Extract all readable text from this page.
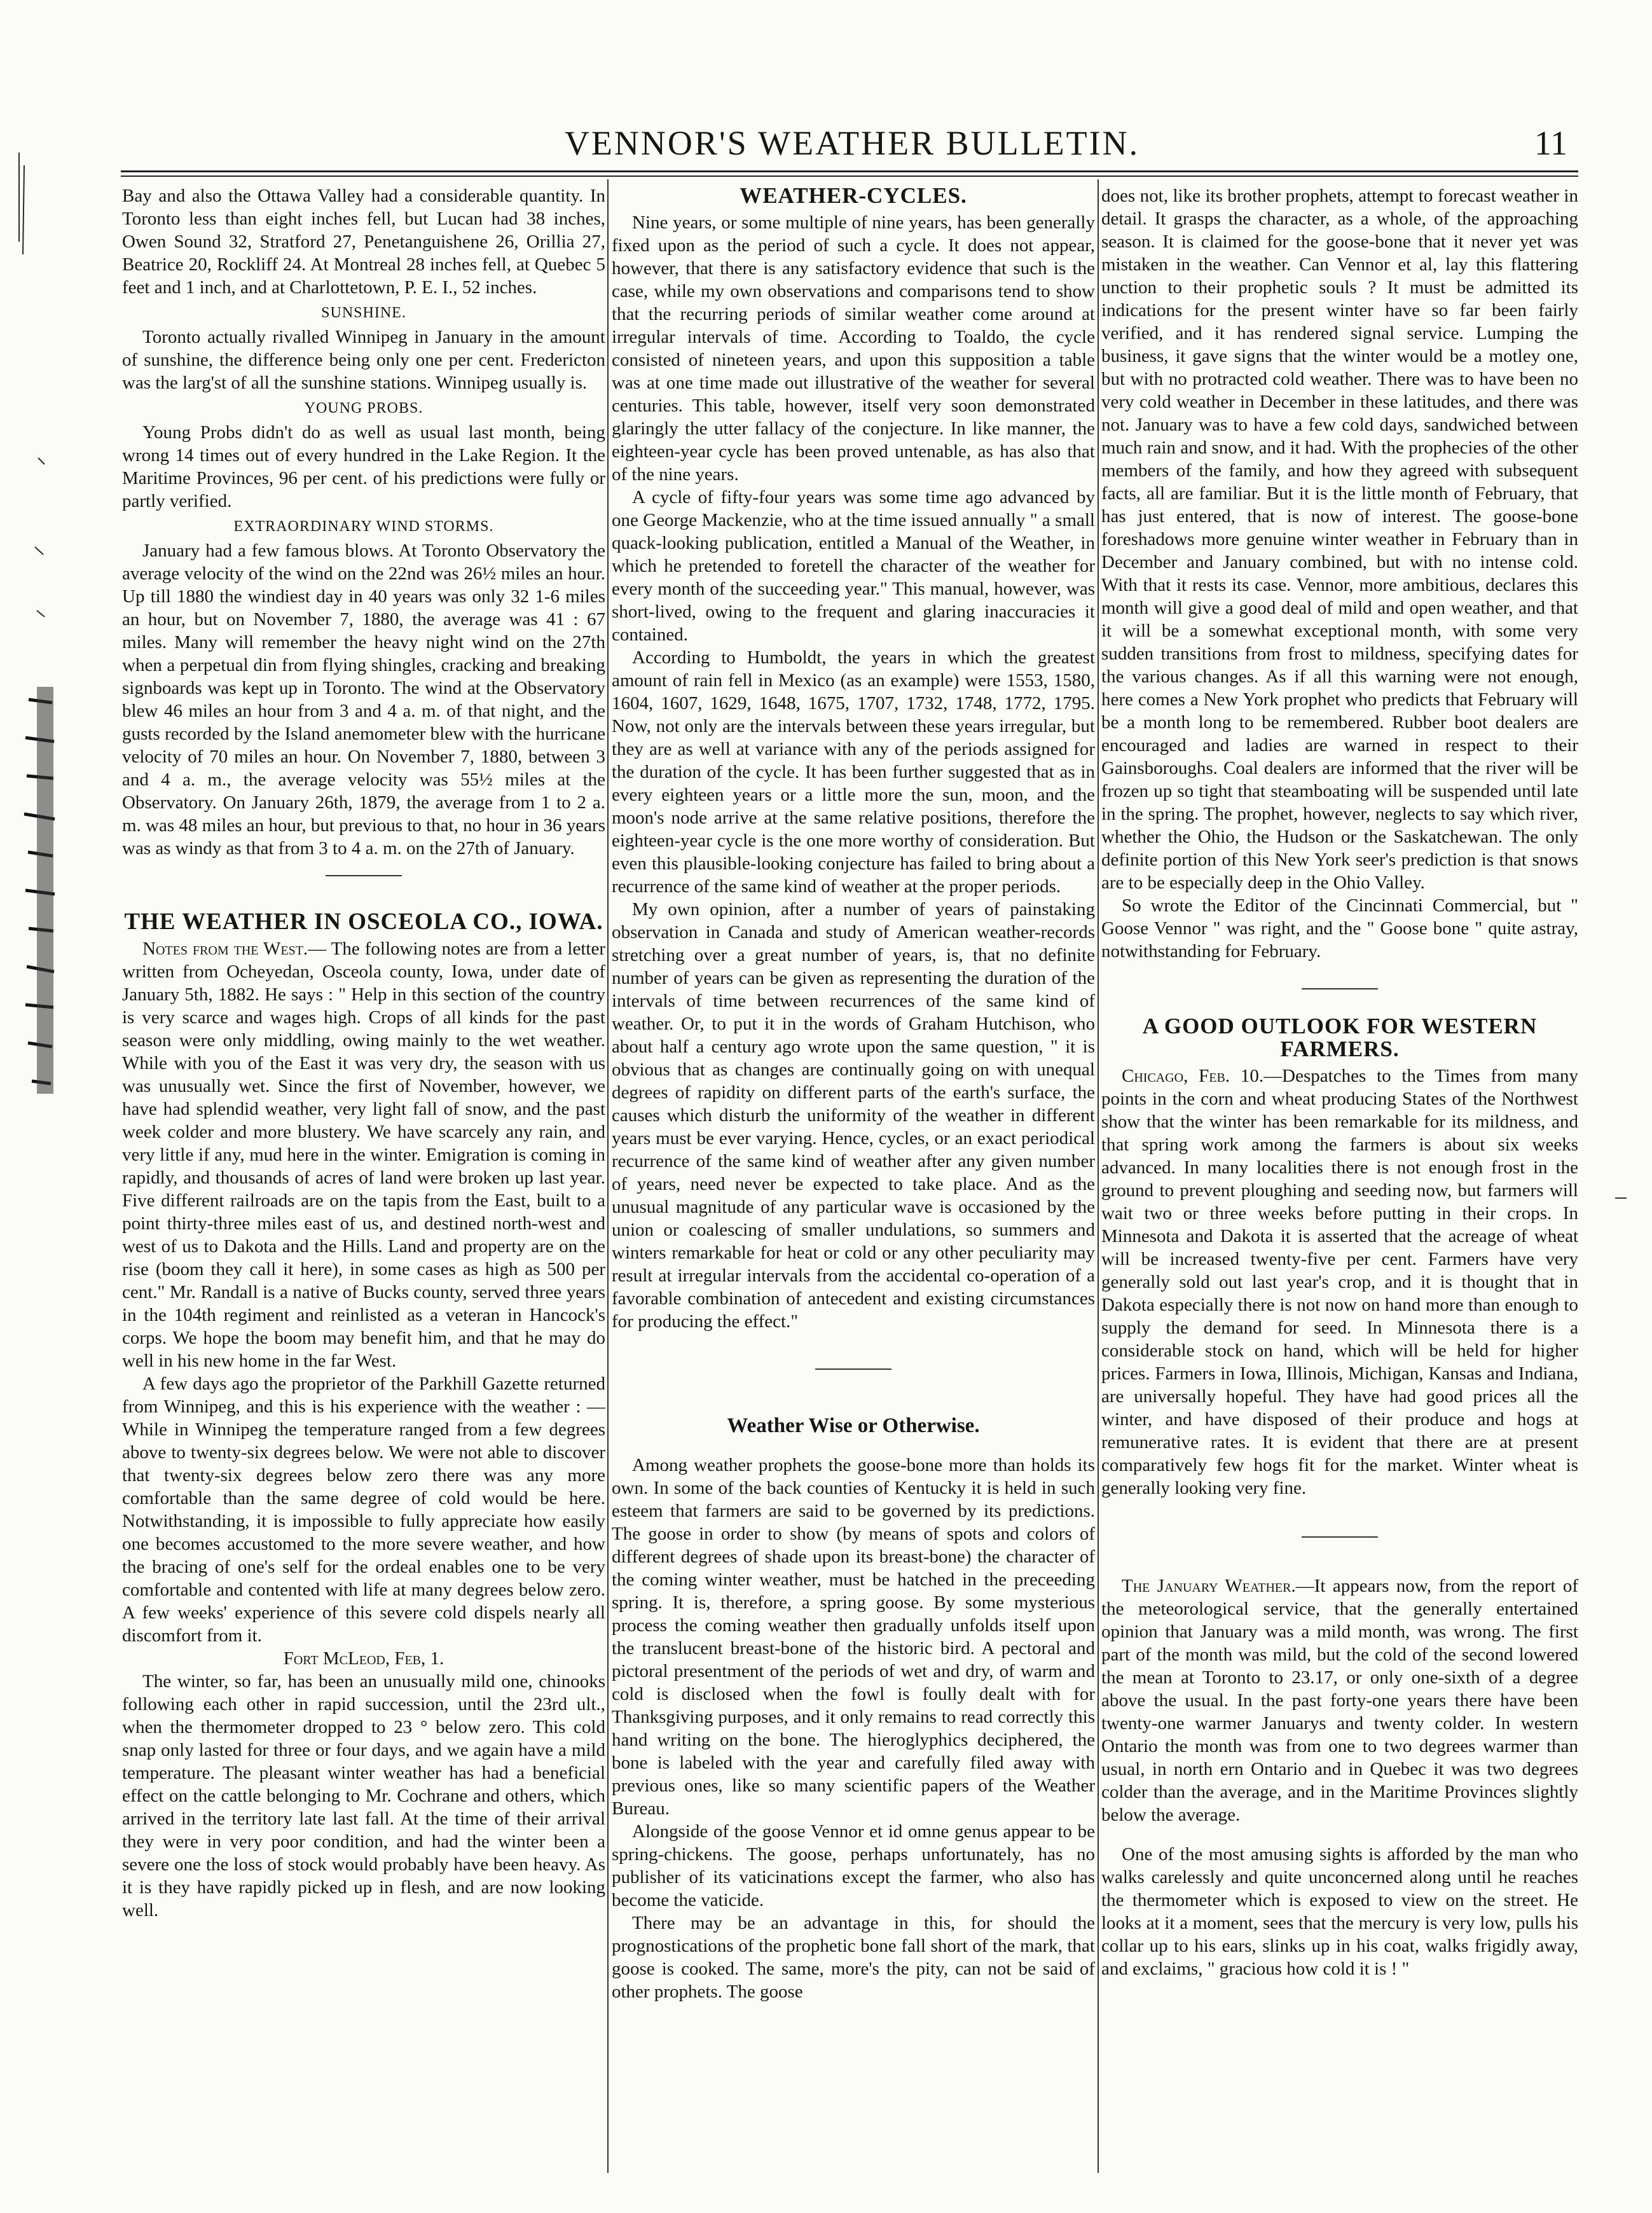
VENNOR'S WEATHER BULLETIN.	11

Bay and also the Ottawa Valley had a considerable quantity. In Toronto less than eight inches fell, but Lucan had 38 inches, Owen Sound 32, Stratford 27, Penetanguishene 26, Orillia 27, Beatrice 20, Rockliff 24. At Montreal 28 inches fell, at Quebec 5 feet and 1 inch, and at Charlottetown, P. E. I., 52 inches.

SUNSHINE.

Toronto actually rivalled Winnipeg in January in the amount of sunshine, the difference being only one per cent. Fredericton was the larg'st of all the sunshine stations. Winnipeg usually is.

YOUNG PROBS.

Young Probs didn't do as well as usual last month, being wrong 14 times out of every hundred in the Lake Region. It the Maritime Provinces, 96 per cent. of his predictions were fully or partly verified.

EXTRAORDINARY WIND STORMS.

January had a few famous blows. At Toronto Observatory the average velocity of the wind on the 22nd was 26½ miles an hour. Up till 1880 the windiest day in 40 years was only 32 1-6 miles an hour, but on November 7, 1880, the average was 41 : 67 miles. Many will remember the heavy night wind on the 27th when a perpetual din from flying shingles, cracking and breaking signboards was kept up in Toronto. The wind at the Observatory blew 46 miles an hour from 3 and 4 a. m. of that night, and the gusts recorded by the Island anemometer blew with the hurricane velocity of 70 miles an hour. On November 7, 1880, between 3 and 4 a. m., the average velocity was 55½ miles at the Observatory. On January 26th, 1879, the average from 1 to 2 a. m. was 48 miles an hour, but previous to that, no hour in 36 years was as windy as that from 3 to 4 a. m. on the 27th of January.

THE WEATHER IN OSCEOLA CO., IOWA.

Notes from the West.— The following notes are from a letter written from Ocheyedan, Osceola county, Iowa, under date of January 5th, 1882. He says : " Help in this section of the country is very scarce and wages high. Crops of all kinds for the past season were only middling, owing mainly to the wet weather. While with you of the East it was very dry, the season with us was unusually wet. Since the first of November, however, we have had splendid weather, very light fall of snow, and the past week colder and more blustery. We have scarcely any rain, and very little if any, mud here in the winter. Emigration is coming in rapidly, and thousands of acres of land were broken up last year. Five different railroads are on the tapis from the East, built to a point thirty-three miles east of us, and destined north-west and west of us to Dakota and the Hills. Land and property are on the rise (boom they call it here), in some cases as high as 500 per cent." Mr. Randall is a native of Bucks county, served three years in the 104th regiment and reinlisted as a veteran in Hancock's corps. We hope the boom may benefit him, and that he may do well in his new home in the far West.

A few days ago the proprietor of the Parkhill Gazette returned from Winnipeg, and this is his experience with the weather : —While in Winnipeg the temperature ranged from a few degrees above to twenty-six degrees below. We were not able to discover that twenty-six degrees below zero there was any more comfortable than the same degree of cold would be here. Notwithstanding, it is impossible to fully appreciate how easily one becomes accustomed to the more severe weather, and how the bracing of one's self for the ordeal enables one to be very comfortable and contented with life at many degrees below zero. A few weeks' experience of this severe cold dispels nearly all discomfort from it.

Fort McLeod, Feb, 1.

The winter, so far, has been an unusually mild one, chinooks following each other in rapid succession, until the 23rd ult., when the thermometer dropped to 23 ° below zero. This cold snap only lasted for three or four days, and we again have a mild temperature. The pleasant winter weather has had a beneficial effect on the cattle belonging to Mr. Cochrane and others, which arrived in the territory late last fall. At the time of their arrival they were in very poor condition, and had the winter been a severe one the loss of stock would probably have been heavy. As it is they have rapidly picked up in flesh, and are now looking well.

WEATHER-CYCLES.

Nine years, or some multiple of nine years, has been generally fixed upon as the period of such a cycle. It does not appear, however, that there is any satisfactory evidence that such is the case, while my own observations and comparisons tend to show that the recurring periods of similar weather come around at irregular intervals of time. According to Toaldo, the cycle consisted of nineteen years, and upon this supposition a table was at one time made out illustrative of the weather for several centuries. This table, however, itself very soon demonstrated glaringly the utter fallacy of the conjecture. In like manner, the eighteen-year cycle has been proved untenable, as has also that of the nine years.

A cycle of fifty-four years was some time ago advanced by one George Mackenzie, who at the time issued annually " a small quack-looking publication, entitled a Manual of the Weather, in which he pretended to foretell the character of the weather for every month of the succeeding year." This manual, however, was short-lived, owing to the frequent and glaring inaccuracies it contained.

According to Humboldt, the years in which the greatest amount of rain fell in Mexico (as an example) were 1553, 1580, 1604, 1607, 1629, 1648, 1675, 1707, 1732, 1748, 1772, 1795. Now, not only are the intervals between these years irregular, but they are as well at variance with any of the periods assigned for the duration of the cycle. It has been further suggested that as in every eighteen years or a little more the sun, moon, and the moon's node arrive at the same relative positions, therefore the eighteen-year cycle is the one more worthy of consideration. But even this plausible-looking conjecture has failed to bring about a recurrence of the same kind of weather at the proper periods.

My own opinion, after a number of years of painstaking observation in Canada and study of American weather-records stretching over a great number of years, is, that no definite number of years can be given as representing the duration of the intervals of time between recurrences of the same kind of weather. Or, to put it in the words of Graham Hutchison, who about half a century ago wrote upon the same question, " it is obvious that as changes are continually going on with unequal degrees of rapidity on different parts of the earth's surface, the causes which disturb the uniformity of the weather in different years must be ever varying. Hence, cycles, or an exact periodical recurrence of the same kind of weather after any given number of years, need never be expected to take place. And as the unusual magnitude of any particular wave is occasioned by the union or coalescing of smaller undulations, so summers and winters remarkable for heat or cold or any other peculiarity may result at irregular intervals from the accidental co-operation of a favorable combination of antecedent and existing circumstances for producing the effect."

Weather Wise or Otherwise.

Among weather prophets the goose-bone more than holds its own. In some of the back counties of Kentucky it is held in such esteem that farmers are said to be governed by its predictions. The goose in order to show (by means of spots and colors of different degrees of shade upon its breast-bone) the character of the coming winter weather, must be hatched in the preceeding spring. It is, therefore, a spring goose. By some mysterious process the coming weather then gradually unfolds itself upon the translucent breast-bone of the historic bird. A pectoral and pictoral presentment of the periods of wet and dry, of warm and cold is disclosed when the fowl is foully dealt with for Thanksgiving purposes, and it only remains to read correctly this hand writing on the bone. The hieroglyphics deciphered, the bone is labeled with the year and carefully filed away with previous ones, like so many scientific papers of the Weather Bureau.

Alongside of the goose Vennor et id omne genus appear to be spring-chickens. The goose, perhaps unfortunately, has no publisher of its vaticinations except the farmer, who also has become the vaticide.

There may be an advantage in this, for should the prognostications of the prophetic bone fall short of the mark, that goose is cooked. The same, more's the pity, can not be said of other prophets. The goose

does not, like its brother prophets, attempt to forecast weather in detail. It grasps the character, as a whole, of the approaching season. It is claimed for the goose-bone that it never yet was mistaken in the weather. Can Vennor et al, lay this flattering unction to their prophetic souls ? It must be admitted its indications for the present winter have so far been fairly verified, and it has rendered signal service. Lumping the business, it gave signs that the winter would be a motley one, but with no protracted cold weather. There was to have been no very cold weather in December in these latitudes, and there was not. January was to have a few cold days, sandwiched between much rain and snow, and it had. With the prophecies of the other members of the family, and how they agreed with subsequent facts, all are familiar. But it is the little month of February, that has just entered, that is now of interest. The goose-bone foreshadows more genuine winter weather in February than in December and January combined, but with no intense cold. With that it rests its case. Vennor, more ambitious, declares this month will give a good deal of mild and open weather, and that it will be a somewhat exceptional month, with some very sudden transitions from frost to mildness, specifying dates for the various changes. As if all this warning were not enough, here comes a New York prophet who predicts that February will be a month long to be remembered. Rubber boot dealers are encouraged and ladies are warned in respect to their Gainsboroughs. Coal dealers are informed that the river will be frozen up so tight that steamboating will be suspended until late in the spring. The prophet, however, neglects to say which river, whether the Ohio, the Hudson or the Saskatchewan. The only definite portion of this New York seer's prediction is that snows are to be especially deep in the Ohio Valley.

So wrote the Editor of the Cincinnati Commercial, but " Goose Vennor " was right, and the " Goose bone " quite astray, notwithstanding for February.

A GOOD OUTLOOK FOR WESTERN FARMERS.

Chicago, Feb. 10.—Despatches to the Times from many points in the corn and wheat producing States of the Northwest show that the winter has been remarkable for its mildness, and that spring work among the farmers is about six weeks advanced. In many localities there is not enough frost in the ground to prevent ploughing and seeding now, but farmers will wait two or three weeks before putting in their crops. In Minnesota and Dakota it is asserted that the acreage of wheat will be increased twenty-five per cent. Farmers have very generally sold out last year's crop, and it is thought that in Dakota especially there is not now on hand more than enough to supply the demand for seed. In Minnesota there is a considerable stock on hand, which will be held for higher prices. Farmers in Iowa, Illinois, Michigan, Kansas and Indiana, are universally hopeful. They have had good prices all the winter, and have disposed of their produce and hogs at remunerative rates. It is evident that there are at present comparatively few hogs fit for the market. Winter wheat is generally looking very fine.

The January Weather.—It appears now, from the report of the meteorological service, that the generally entertained opinion that January was a mild month, was wrong. The first part of the month was mild, but the cold of the second lowered the mean at Toronto to 23.17, or only one-sixth of a degree above the usual. In the past forty-one years there have been twenty-one warmer Januarys and twenty colder. In western Ontario the month was from one to two degrees warmer than usual, in north ern Ontario and in Quebec it was two degrees colder than the average, and in the Maritime Provinces slightly below the average.

One of the most amusing sights is afforded by the man who walks carelessly and quite unconcerned along until he reaches the thermometer which is exposed to view on the street. He looks at it a moment, sees that the mercury is very low, pulls his collar up to his ears, slinks up in his coat, walks frigidly away, and exclaims, " gracious how cold it is ! "
